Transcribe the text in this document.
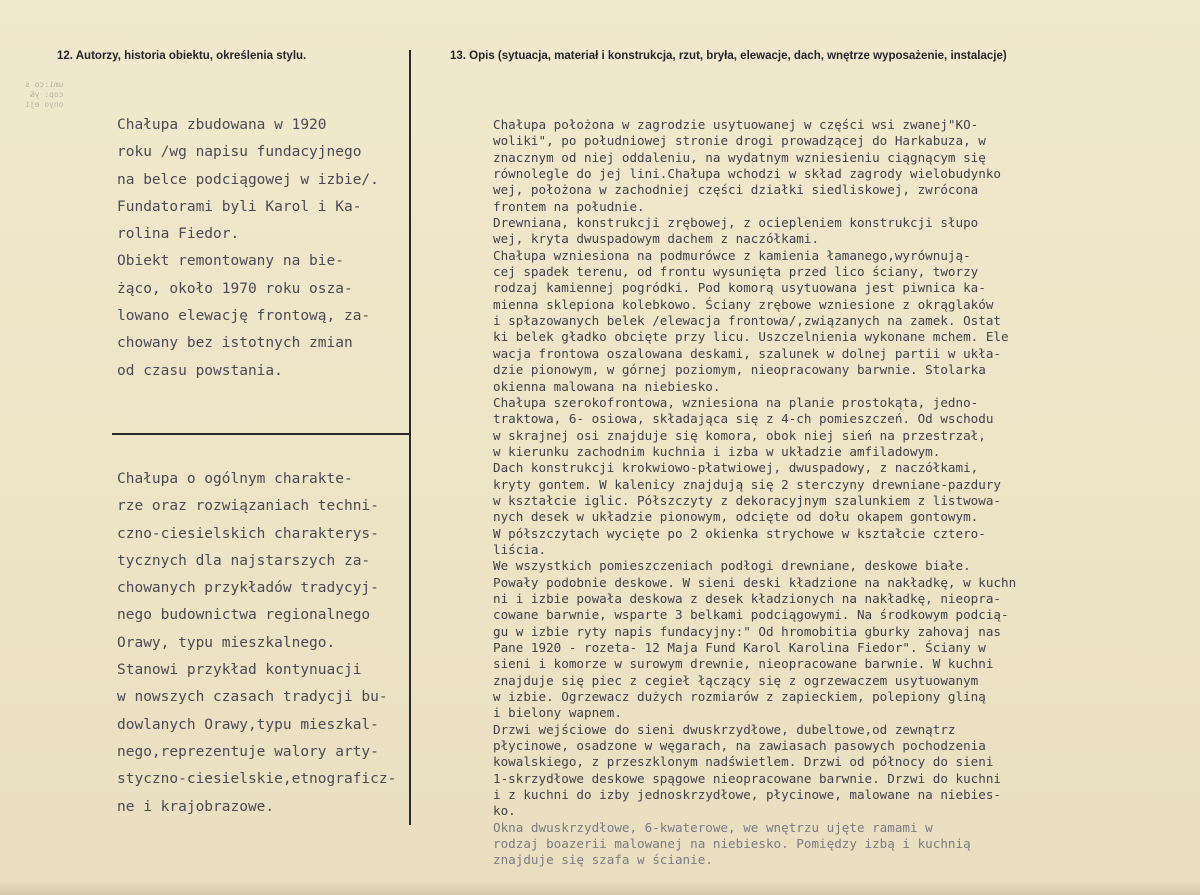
umi:co s
cop: y&
onyo eji
12. Autorzy, historia obiektu, określenia stylu.	13. Opis (sytuacja, materiał i konstrukcja, rzut, bryła, elewacje, dach, wnętrze wyposażenie, instalacje)
Chałupa zbudowana w 1920
roku /wg napisu fundacyjnego
na belce podciągowej w izbie/.
Fundatorami byli Karol i Ka-
rolina Fiedor.
Obiekt remontowany na bie-
żąco, około 1970 roku osza-
lowano elewację frontową, za-
chowany bez istotnych zmian
od czasu powstania.
Chałupa o ogólnym charakte-
rze oraz rozwiązaniach techni-
czno-ciesielskich charakterys-
tycznych dla najstarszych za-
chowanych przykładów tradycyj-
nego budownictwa regionalnego
Orawy, typu mieszkalnego.
Stanowi przykład kontynuacji
w nowszych czasach tradycji bu-
dowlanych Orawy,typu mieszkal-
nego,reprezentuje walory arty-
styczno-ciesielskie,etnograficz-
ne i krajobrazowe.
Chałupa położona w zagrodzie usytuowanej w części wsi zwanej"KO-
wolikі", po południowej stronie drogi prowadzącej do Harkabuza, w
znacznym od niej oddaleniu, na wydatnym wzniesieniu ciągnącym się
równolegle do jej lini.Chałupa wchodzi w skład zagrody wielobudynko
wej, położona w zachodniej części działki siedliskowej, zwrócona
frontem na południe.
Drewniana, konstrukcji zrębowej, z ociepleniem konstrukcji słupo
wej, kryta dwuspadowym dachem z naczółkami.
Chałupa wzniesiona na podmurówce z kamienia łamanego,wyrównują-
cej spadek terenu, od frontu wysunięta przed lico ściany, tworzy
rodzaj kamiennej pogródki. Pod komorą usytuowana jest piwnica ka-
mienna sklepiona kolebkowo. Ściany zrębowe wzniesione z okrąglaków
i spłazowanych belek /elewacja frontowa/,związanych na zamek. Ostat
ki belek gładko obcięte przy licu. Uszczelnienia wykonane mchem. Ele
wacja frontowa oszalowana deskami, szalunek w dolnej partii w ukła-
dzie pionowym, w górnej poziomym, nieopracowany barwnie. Stolarka
okienna malowana na niebiesko.
Chałupa szerokofrontowa, wzniesiona na planie prostokąta, jedno-
traktowa, 6- osiowa, składająca się z 4-ch pomieszczeń. Od wschodu
w skrajnej osi znajduje się komora, obok niej sień na przestrzał,
w kierunku zachodnim kuchnia i izba w układzie amfiladowym.
Dach konstrukcji krokwiowo-płatwiowej, dwuspadowy, z naczółkami,
kryty gontem. W kalenicy znajdują się 2 sterczyny drewniane-pazdury
w kształcie iglic. Półszczyty z dekoracyjnym szalunkiem z listwowa-
nych desek w układzie pionowym, odcięte od dołu okapem gontowym.
W półszczytach wycięte po 2 okienka strychowe w kształcie cztero-
liścia.
We wszystkich pomieszczeniach podłogi drewniane, deskowe białe.
Powały podobnie deskowe. W sieni deski kładzione na nakładkę, w kuchn
ni i izbie powała deskowa z desek kładzionych na nakładkę, nieopra-
cowane barwnie, wsparte 3 belkami podciągowymi. Na środkowym podcią-
gu w izbie ryty napis fundacyjny:" Od hromobitia gburky zahovaj nas
Pane 1920 - rozeta- 12 Maja Fund Karol Karolina Fiedor". Ściany w
sieni i komorze w surowym drewnie, nieopracowane barwnie. W kuchni
znajduje się piec z cegieł łączący się z ogrzewaczem usytuowanym
w izbie. Ogrzewacz dużych rozmiarów z zapieckiem, polepiony gliną
i bielony wapnem.
Drzwi wejściowe do sieni dwuskrzydłowe, dubeltowe,od zewnątrz
płycinowe, osadzone w węgarach, na zawiasach pasowych pochodzenia
kowalskiego, z przeszklonym nadświetlem. Drzwi od północy do sieni
1-skrzydłowe deskowe spągowe nieopracowane barwnie. Drzwi do kuchni
i z kuchni do izby jednoskrzydłowe, płycinowe, malowane na niebies-
ko.
Okna dwuskrzydłowe, 6-kwaterowe, we wnętrzu ujęte ramami w
rodzaj boazerii malowanej na niebiesko. Pomiędzy izbą i kuchnią
znajduje się szafa w ścianie.
